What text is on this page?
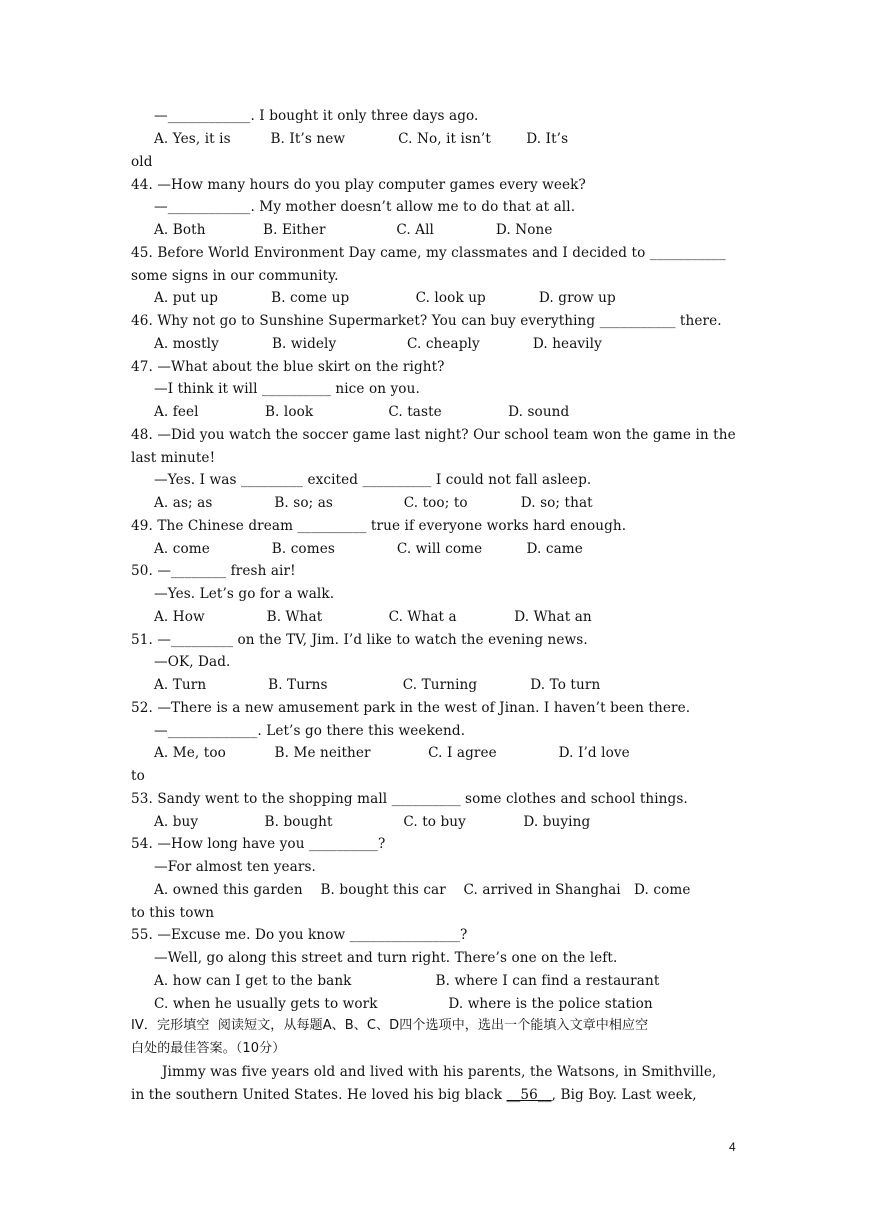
—____________. I bought it only three days ago.
A. Yes, it is         B. It’s new            C. No, it isn’t        D. It’s
old
44. —How many hours do you play computer games every week?
—____________. My mother doesn’t allow me to do that at all.
A. Both             B. Either                C. All              D. None
45. Before World Environment Day came, my classmates and I decided to ___________
some signs in our community.
A. put up            B. come up               C. look up            D. grow up
46. Why not go to Sunshine Supermarket? You can buy everything ___________ there.
A. mostly            B. widely                C. cheaply            D. heavily
47. —What about the blue skirt on the right?
—I think it will __________ nice on you.
A. feel               B. look                 C. taste               D. sound
48. —Did you watch the soccer game last night? Our school team won the game in the
last minute!
—Yes. I was _________ excited __________ I could not fall asleep.
A. as; as              B. so; as                C. too; to            D. so; that
49. The Chinese dream __________ true if everyone works hard enough.
A. come              B. comes              C. will come          D. came
50. —________ fresh air!
—Yes. Let’s go for a walk.
A. How              B. What               C. What a             D. What an
51. —_________ on the TV, Jim. I’d like to watch the evening news.
—OK, Dad.
A. Turn              B. Turns                 C. Turning            D. To turn
52. —There is a new amusement park in the west of Jinan. I haven’t been there.
—_____________. Let’s go there this weekend.
A. Me, too           B. Me neither             C. I agree              D. I’d love
to
53. Sandy went to the shopping mall __________ some clothes and school things.
A. buy               B. bought                C. to buy             D. buying
54. —How long have you __________?
—For almost ten years.
A. owned this garden    B. bought this car    C. arrived in Shanghai   D. come
to this town
55. —Excuse me. Do you know ________________?
—Well, go along this street and turn right. There’s one on the left.
A. how can I get to the bank                   B. where I can find a restaurant
C. when he usually gets to work                D. where is the police station
IV．完形填空  阅读短文，从每题A、B、C、D四个选项中，选出一个能填入文章中相应空
白处的最佳答案。（10分）
Jimmy was five years old and lived with his parents, the Watsons, in Smithville,
in the southern United States. He loved his big black __56__, Big Boy. Last week,
4
